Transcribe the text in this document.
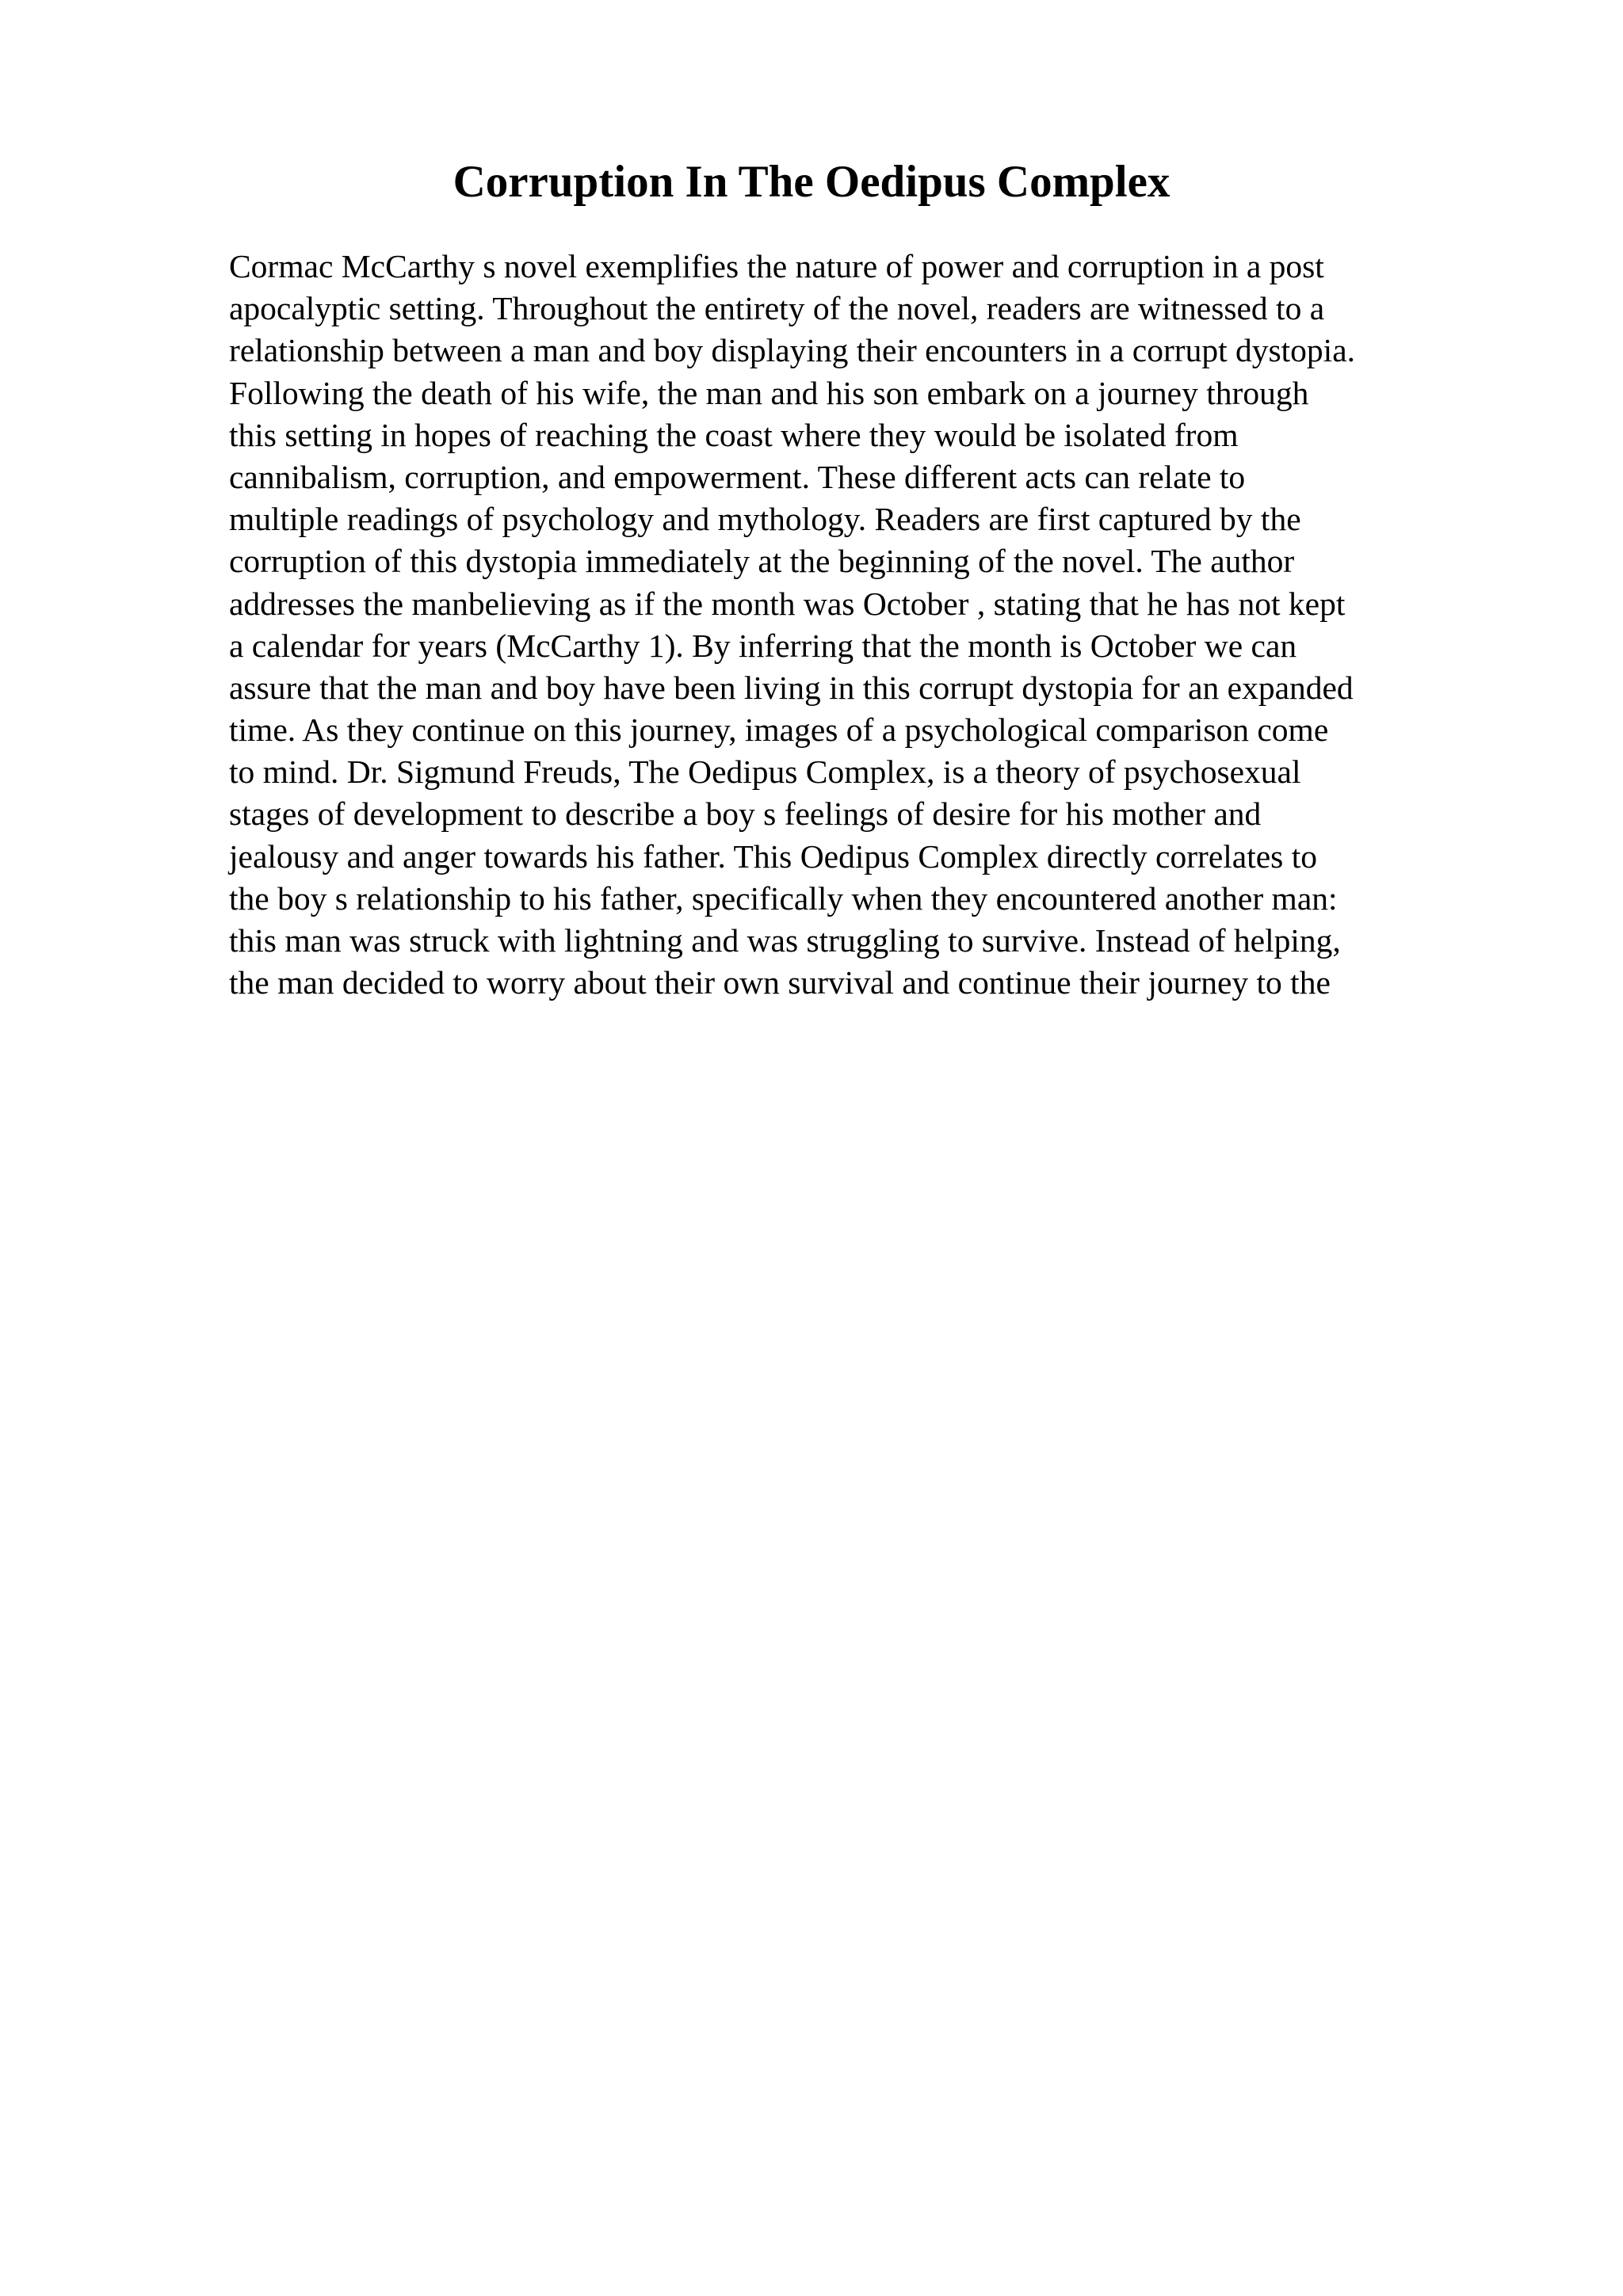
Corruption In The Oedipus Complex
Cormac McCarthy s novel exemplifies the nature of power and corruption in a post
apocalyptic setting. Throughout the entirety of the novel, readers are witnessed to a
relationship between a man and boy displaying their encounters in a corrupt dystopia.
Following the death of his wife, the man and his son embark on a journey through
this setting in hopes of reaching the coast where they would be isolated from
cannibalism, corruption, and empowerment. These different acts can relate to
multiple readings of psychology and mythology. Readers are first captured by the
corruption of this dystopia immediately at the beginning of the novel. The author
addresses the manbelieving as if the month was October , stating that he has not kept
a calendar for years (McCarthy 1). By inferring that the month is October we can
assure that the man and boy have been living in this corrupt dystopia for an expanded
time. As they continue on this journey, images of a psychological comparison come
to mind. Dr. Sigmund Freuds, The Oedipus Complex, is a theory of psychosexual
stages of development to describe a boy s feelings of desire for his mother and
jealousy and anger towards his father. This Oedipus Complex directly correlates to
the boy s relationship to his father, specifically when they encountered another man:
this man was struck with lightning and was struggling to survive. Instead of helping,
the man decided to worry about their own survival and continue their journey to the
